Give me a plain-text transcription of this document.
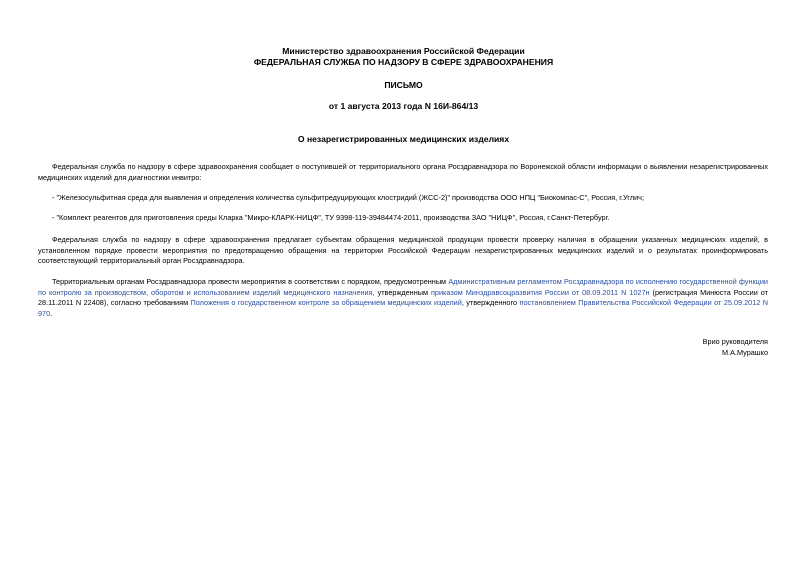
Министерство здравоохранения Российской Федерации
ФЕДЕРАЛЬНАЯ СЛУЖБА ПО НАДЗОРУ В СФЕРЕ ЗДРАВООХРАНЕНИЯ
ПИСЬМО
от 1 августа 2013 года N 16И-864/13
О незарегистрированных медицинских изделиях
Федеральная служба по надзору в сфере здравоохранения сообщает о поступившей от территориального органа Росздравнадзора по Воронежской области информации о выявлении незарегистрированных медицинских изделий для диагностики инвитро:
- "Железосульфитная среда для выявления и определения количества сульфитредуцирующих клостридий (ЖСС-2)" производства ООО НПЦ "Биокомпас-С", Россия, г.Углич;
- "Комплект реагентов для приготовления среды Кларка "Микро-КЛАРК-НИЦФ", ТУ 9398-119-39484474-2011, производства ЗАО "НИЦФ", Россия, г.Санкт-Петербург.
Федеральная служба по надзору в сфере здравоохранения предлагает субъектам обращения медицинской продукции провести проверку наличия в обращении указанных медицинских изделий, в установленном порядке провести мероприятия по предотвращению обращения на территории Российской Федерации незарегистрированных медицинских изделий и о результатах проинформировать соответствующий территориальный орган Росздравнадзора.
Территориальным органам Росздравнадзора провести мероприятия в соответствии с порядком, предусмотренным Административным регламентом Росздравнадзора по исполнению государственной функции по контролю за производством, оборотом и использованием изделий медицинского назначения, утвержденным приказом Минздравсоцразвития России от 08.09.2011 N 1027н (регистрация Минюста России от 28.11.2011 N 22408), согласно требованиям Положения о государственном контроле за обращением медицинских изделий, утвержденного постановлением Правительства Российской Федерации от 25.09.2012 N 970.
Врио руководителя
М.А.Мурашко
